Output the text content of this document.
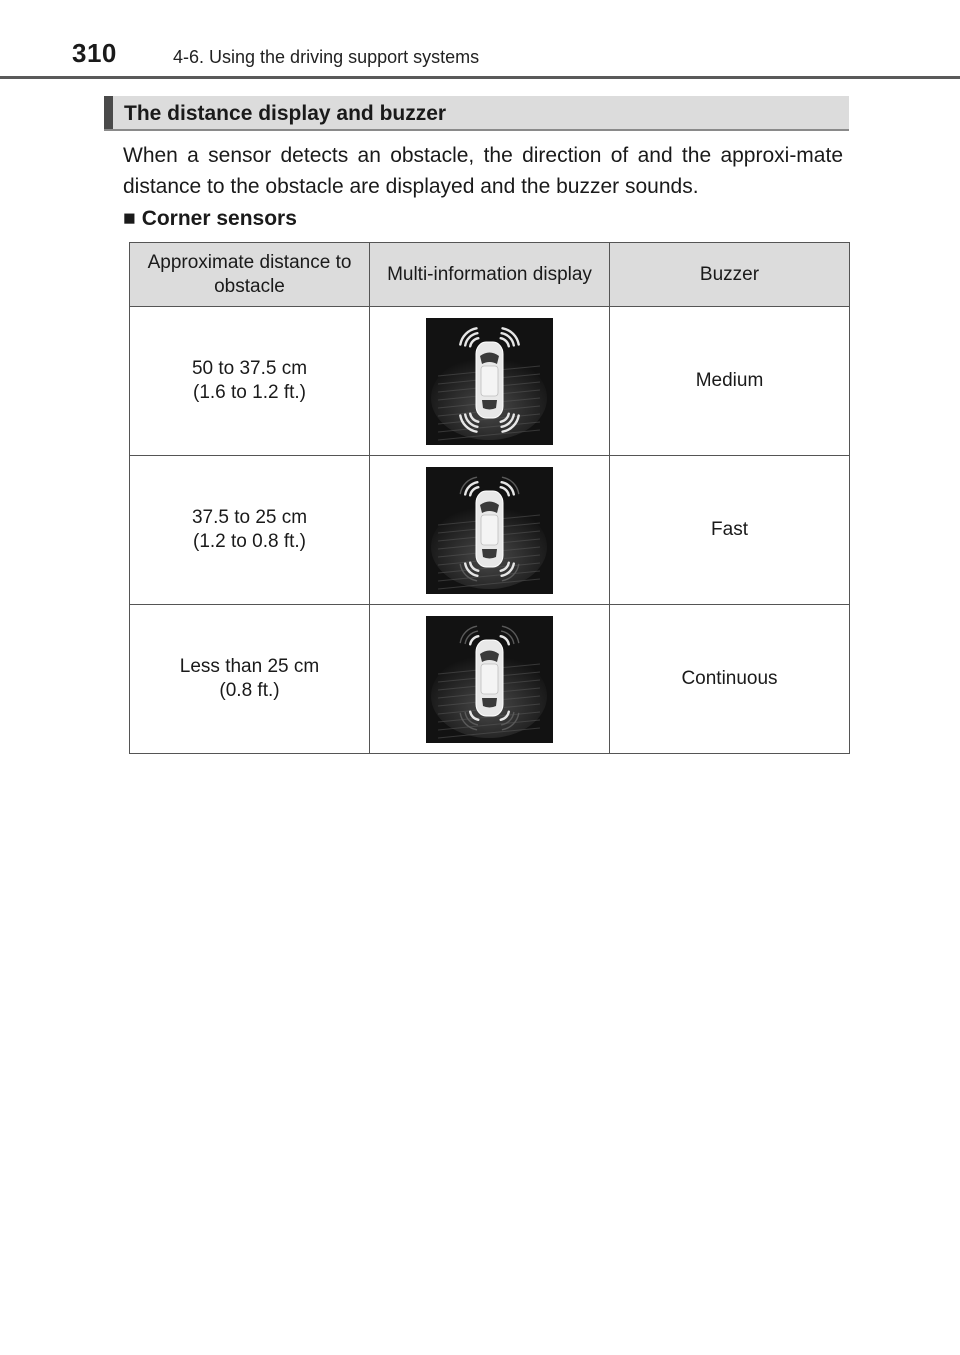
310	4-6. Using the driving support systems
The distance display and buzzer
When a sensor detects an obstacle, the direction of and the approxi-mate distance to the obstacle are displayed and the buzzer sounds.
■ Corner sensors
Approximate distance to obstacle	Multi-information display	Buzzer

50 to 37.5 cm
(1.6 to 1.2 ft.)		Medium

37.5 to 25 cm
(1.2 to 0.8 ft.)		Fast

Less than 25 cm
(0.8 ft.)		Continuous
